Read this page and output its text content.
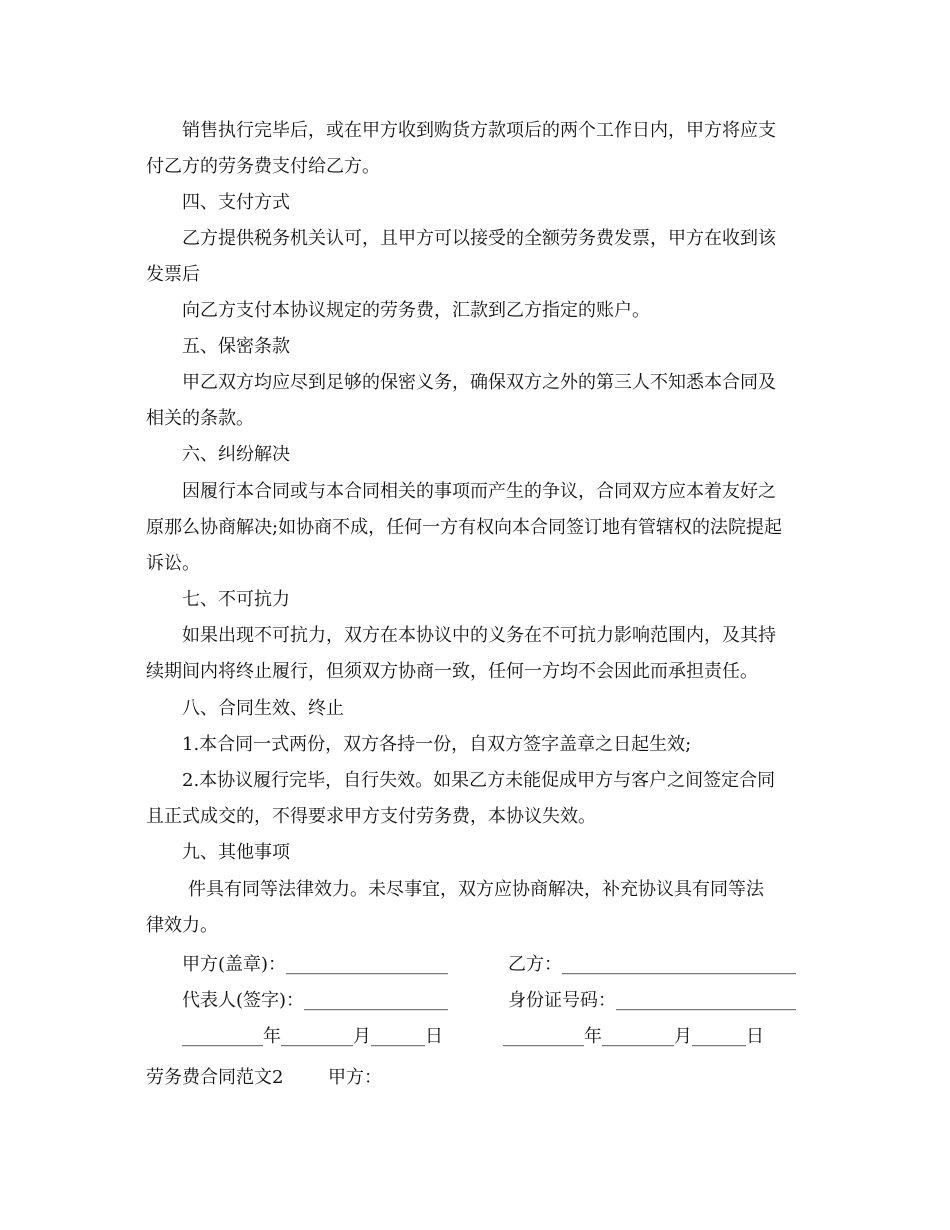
销售执行完毕后，或在甲方收到购货方款项后的两个工作日内，甲方将应支
付乙方的劳务费支付给乙方。
四、支付方式
乙方提供税务机关认可，且甲方可以接受的全额劳务费发票，甲方在收到该
发票后
向乙方支付本协议规定的劳务费，汇款到乙方指定的账户。
五、保密条款
甲乙双方均应尽到足够的保密义务，确保双方之外的第三人不知悉本合同及
相关的条款。
六、纠纷解决
因履行本合同或与本合同相关的事项而产生的争议，合同双方应本着友好之
原那么协商解决;如协商不成，任何一方有权向本合同签订地有管辖权的法院提起
诉讼。
七、不可抗力
如果出现不可抗力，双方在本协议中的义务在不可抗力影响范围内，及其持
续期间内将终止履行，但须双方协商一致，任何一方均不会因此而承担责任。
八、合同生效、终止
1.本合同一式两份，双方各持一份，自双方签字盖章之日起生效;
2.本协议履行完毕，自行失效。如果乙方未能促成甲方与客户之间签定合同
且正式成交的，不得要求甲方支付劳务费，本协议失效。
九、其他事项
件具有同等法律效力。未尽事宜，双方应协商解决，补充协议具有同等法
律效力。
甲方(盖章)：__________________	乙方：__________________________
代表人(签字)：________________	身份证号码：____________________
_________年________月______日	_________年________月______日
劳务费合同范文2 甲方：
